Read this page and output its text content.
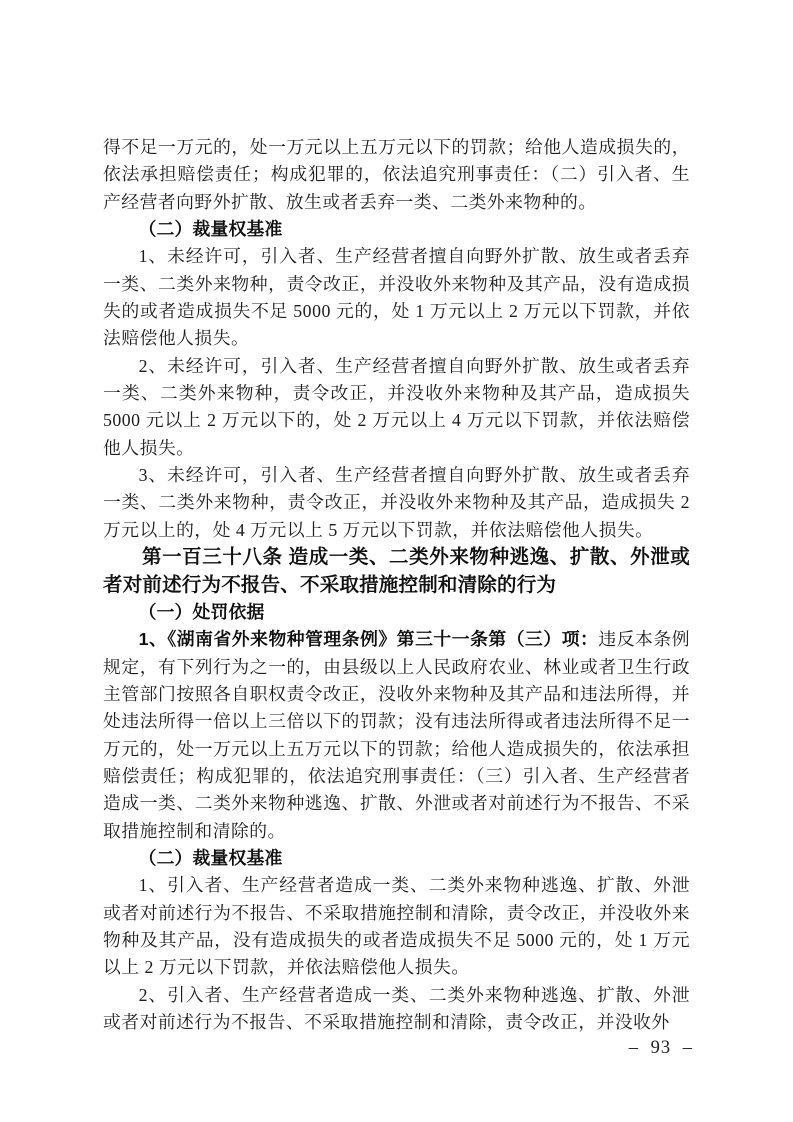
得不足一万元的，处一万元以上五万元以下的罚款；给他人造成损失的，依法承担赔偿责任；构成犯罪的，依法追究刑事责任：（二）引入者、生产经营者向野外扩散、放生或者丢弃一类、二类外来物种的。

（二）裁量权基准

1、未经许可，引入者、生产经营者擅自向野外扩散、放生或者丢弃一类、二类外来物种，责令改正，并没收外来物种及其产品，没有造成损失的或者造成损失不足 5000 元的，处 1 万元以上 2 万元以下罚款，并依法赔偿他人损失。

2、未经许可，引入者、生产经营者擅自向野外扩散、放生或者丢弃一类、二类外来物种，责令改正，并没收外来物种及其产品，造成损失 5000 元以上 2 万元以下的，处 2 万元以上 4 万元以下罚款，并依法赔偿他人损失。

3、未经许可，引入者、生产经营者擅自向野外扩散、放生或者丢弃一类、二类外来物种，责令改正，并没收外来物种及其产品，造成损失 2 万元以上的，处 4 万元以上 5 万元以下罚款，并依法赔偿他人损失。

第一百三十八条 造成一类、二类外来物种逃逸、扩散、外泄或者对前述行为不报告、不采取措施控制和清除的行为

（一）处罚依据

1、《湖南省外来物种管理条例》第三十一条第（三）项：违反本条例规定，有下列行为之一的，由县级以上人民政府农业、林业或者卫生行政主管部门按照各自职权责令改正，没收外来物种及其产品和违法所得，并处违法所得一倍以上三倍以下的罚款；没有违法所得或者违法所得不足一万元的，处一万元以上五万元以下的罚款；给他人造成损失的，依法承担赔偿责任；构成犯罪的，依法追究刑事责任：（三）引入者、生产经营者造成一类、二类外来物种逃逸、扩散、外泄或者对前述行为不报告、不采取措施控制和清除的。

（二）裁量权基准

1、引入者、生产经营者造成一类、二类外来物种逃逸、扩散、外泄或者对前述行为不报告、不采取措施控制和清除，责令改正，并没收外来物种及其产品，没有造成损失的或者造成损失不足 5000 元的，处 1 万元以上 2 万元以下罚款，并依法赔偿他人损失。

2、引入者、生产经营者造成一类、二类外来物种逃逸、扩散、外泄或者对前述行为不报告、不采取措施控制和清除，责令改正，并没收外

– 93 –
